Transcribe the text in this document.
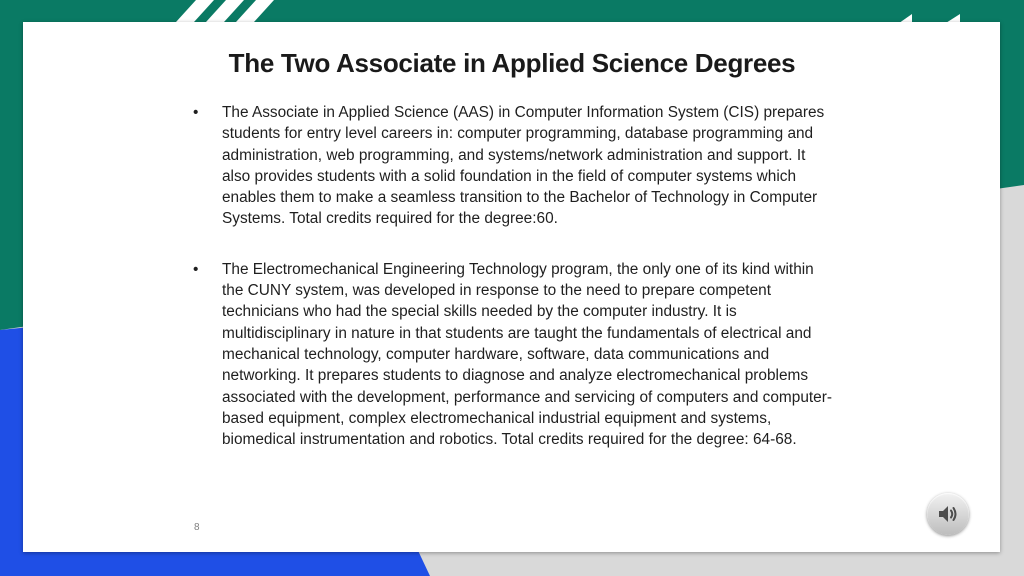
The Two Associate in Applied Science Degrees
• The Associate in Applied Science (AAS) in Computer Information System (CIS) prepares students for entry level careers in: computer programming, database programming and administration, web programming, and systems/network administration and support. It also provides students with a solid foundation in the field of computer systems which enables them to make a seamless transition to the Bachelor of Technology in Computer Systems. Total credits required for the degree:60.
• The Electromechanical Engineering Technology program, the only one of its kind within the CUNY system, was developed in response to the need to prepare competent technicians who had the special skills needed by the computer industry. It is multidisciplinary in nature in that students are taught the fundamentals of electrical and mechanical technology, computer hardware, software, data communications and networking. It prepares students to diagnose and analyze electromechanical problems associated with the development, performance and servicing of computers and computer-based equipment, complex electromechanical industrial equipment and systems, biomedical instrumentation and robotics. Total credits required for the degree: 64-68.
8
